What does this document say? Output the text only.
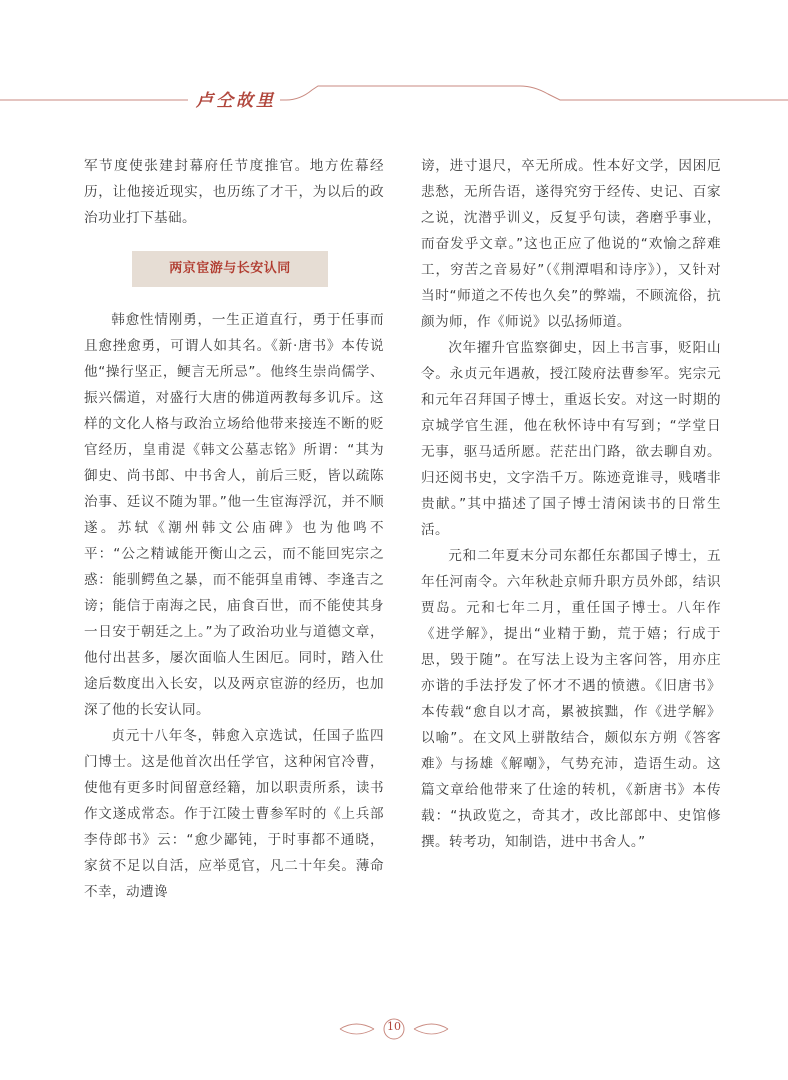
卢仝故里

军节度使张建封幕府任节度推官。地方佐幕经历，让他接近现实，也历练了才干，为以后的政治功业打下基础。

两京宦游与长安认同

韩愈性情刚勇，一生正道直行，勇于任事而且愈挫愈勇，可谓人如其名。《新·唐书》本传说他“操行坚正，鲠言无所忌”。他终生崇尚儒学、振兴儒道，对盛行大唐的佛道两教每多讥斥。这样的文化人格与政治立场给他带来接连不断的贬官经历，皇甫湜《韩文公墓志铭》所谓：“其为御史、尚书郎、中书舍人，前后三贬，皆以疏陈治事、廷议不随为罪。”他一生宦海浮沉，并不顺遂。苏轼《潮州韩文公庙碑》也为他鸣不平：“公之精诚能开衡山之云，而不能回宪宗之惑：能驯鳄鱼之暴，而不能弭皇甫镈、李逢吉之谤；能信于南海之民，庙食百世，而不能使其身一日安于朝廷之上。”为了政治功业与道德文章，他付出甚多，屡次面临人生困厄。同时，踏入仕途后数度出入长安，以及两京宦游的经历，也加深了他的长安认同。

贞元十八年冬，韩愈入京选试，任国子监四门博士。这是他首次出任学官，这种闲官冷曹，使他有更多时间留意经籍，加以职责所系，读书作文遂成常态。作于江陵士曹参军时的《上兵部李侍郎书》云：“愈少鄙钝，于时事都不通晓，家贫不足以自活，应举觅官，凡二十年矣。薄命不幸，动遭谗

谤，进寸退尺，卒无所成。性本好文学，因困厄悲愁，无所告语，遂得究穷于经传、史记、百家之说，沈潜乎训义，反复乎句读，砻磨乎事业，而奋发乎文章。”这也正应了他说的“欢愉之辞难工，穷苦之音易好”（《荆潭唱和诗序》），又针对当时“师道之不传也久矣”的弊端，不顾流俗，抗颜为师，作《师说》以弘扬师道。

次年擢升官监察御史，因上书言事，贬阳山令。永贞元年遇赦，授江陵府法曹参军。宪宗元和元年召拜国子博士，重返长安。对这一时期的京城学官生涯，他在秋怀诗中有写到；“学堂日无事，驱马适所愿。茫茫出门路，欲去聊自劝。归还阅书史，文字浩千万。陈迹竟谁寻，贱嗜非贵献。”其中描述了国子博士清闲读书的日常生活。

元和二年夏末分司东都任东都国子博士，五年任河南令。六年秋赴京师升职方员外郎，结识贾岛。元和七年二月，重任国子博士。八年作《进学解》，提出“业精于勤，荒于嬉；行成于思，毁于随”。在写法上设为主客问答，用亦庄亦谐的手法抒发了怀才不遇的愤懑。《旧唐书》本传载“愈自以才高，累被摈黜，作《进学解》以喻”。在文风上骈散结合，颇似东方朔《答客难》与扬雄《解嘲》，气势充沛，造语生动。这篇文章给他带来了仕途的转机，《新唐书》本传载：“执政览之，奇其才，改比部郎中、史馆修撰。转考功，知制诰，进中书舍人。”

10
